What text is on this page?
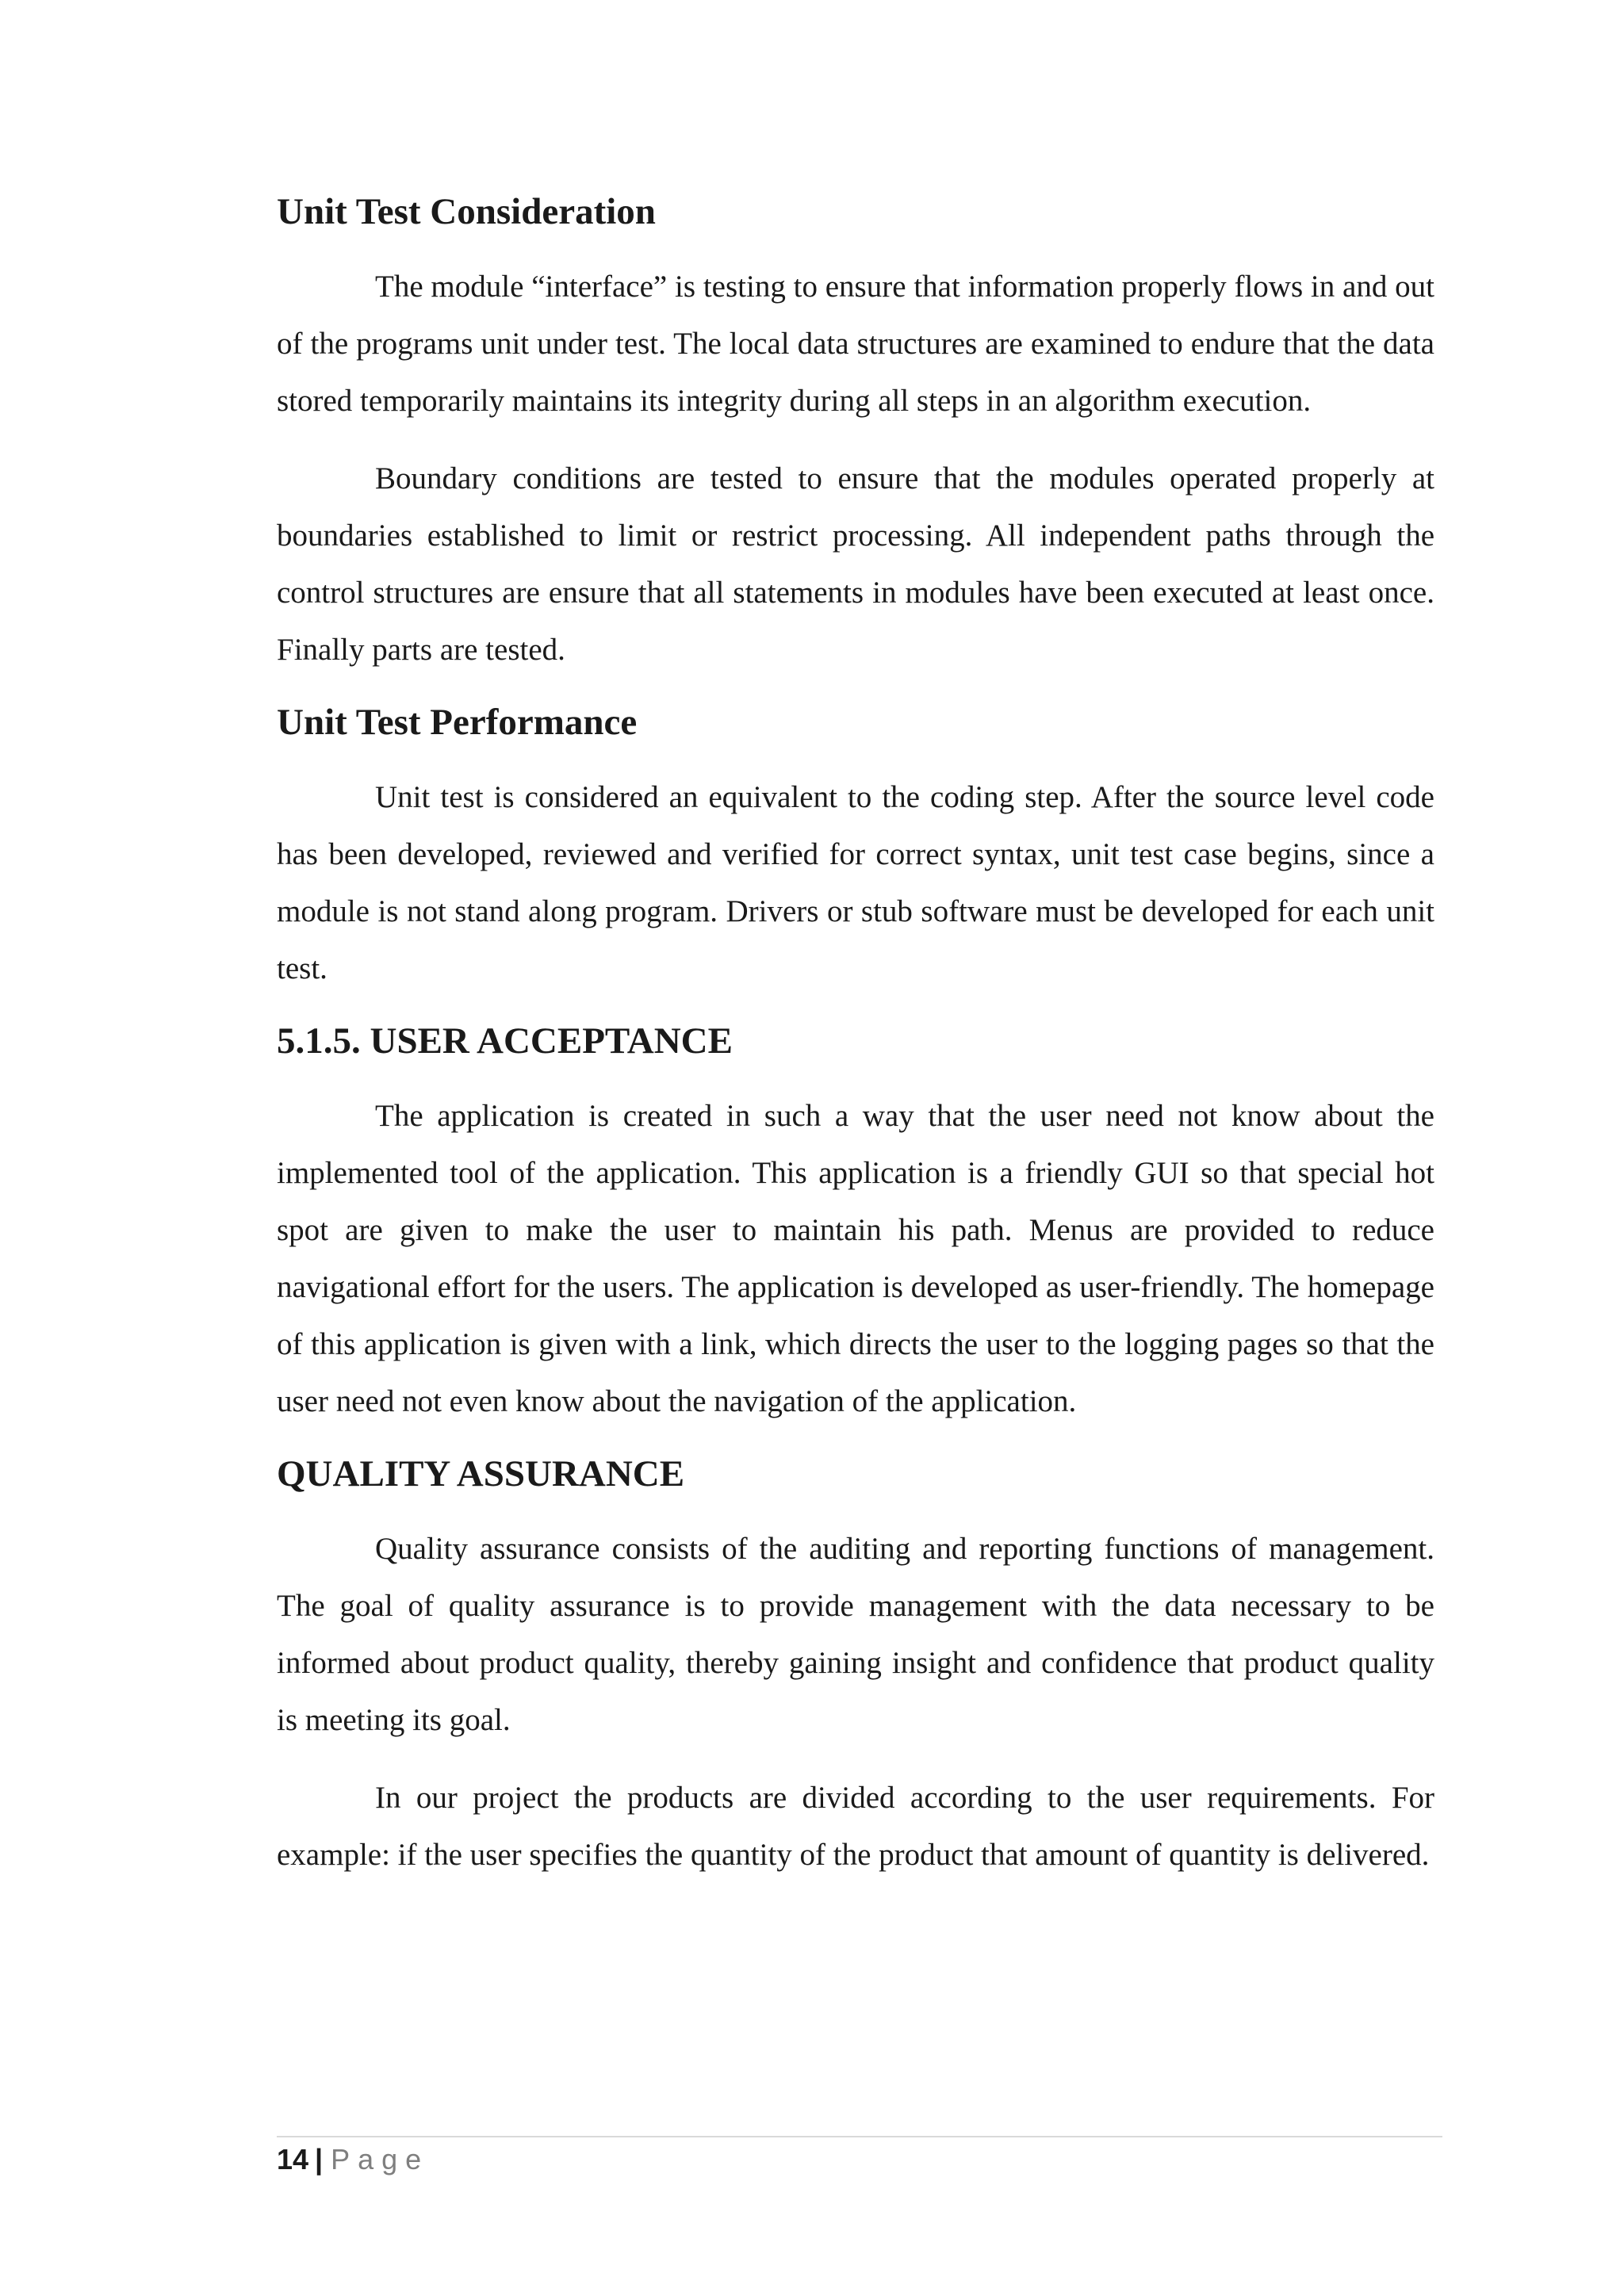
Unit Test Consideration

The module “interface” is testing to ensure that information properly flows in and out of the programs unit under test. The local data structures are examined to endure that the data stored temporarily maintains its integrity during all steps in an algorithm execution.

Boundary conditions are tested to ensure that the modules operated properly at boundaries established to limit or restrict processing. All independent paths through the control structures are ensure that all statements in modules have been executed at least once. Finally parts are tested.

Unit Test Performance

Unit test is considered an equivalent to the coding step. After the source level code has been developed, reviewed and verified for correct syntax, unit test case begins, since a module is not stand along program. Drivers or stub software must be developed for each unit test.

5.1.5. USER ACCEPTANCE

The application is created in such a way that the user need not know about the implemented tool of the application. This application is a friendly GUI so that special hot spot are given to make the user to maintain his path. Menus are provided to reduce navigational effort for the users. The application is developed as user-friendly. The homepage of this application is given with a link, which directs the user to the logging pages so that the user need not even know about the navigation of the application.

QUALITY ASSURANCE

Quality assurance consists of the auditing and reporting functions of management. The goal of quality assurance is to provide management with the data necessary to be informed about product quality, thereby gaining insight and confidence that product quality is meeting its goal.

In our project the products are divided according to the user requirements. For example: if the user specifies the quantity of the product that amount of quantity is delivered.

14 | Page
